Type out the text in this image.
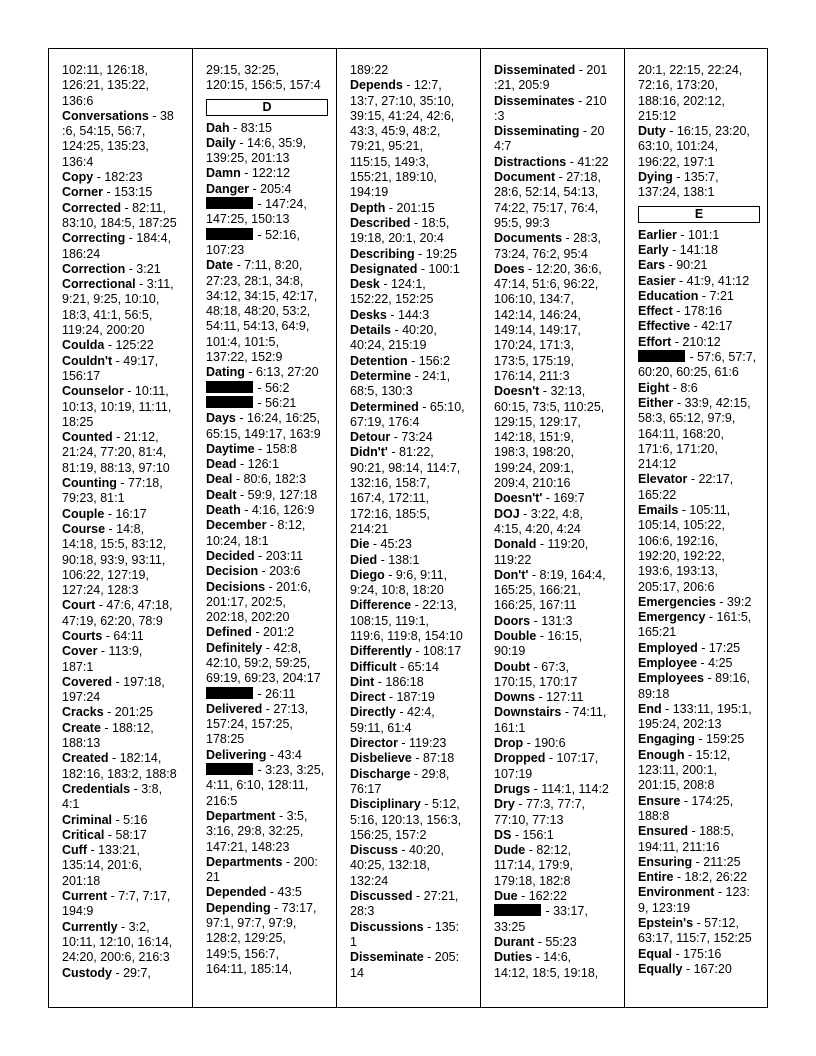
102:11, 126:18,
126:21, 135:22,
136:6
Conversations - 38
:6, 54:15, 56:7,
124:25, 135:23,
136:4
Copy - 182:23
Corner - 153:15
Corrected - 82:11,
83:10, 184:5, 187:25
Correcting - 184:4,
186:24
Correction - 3:21
Correctional - 3:11,
9:21, 9:25, 10:10,
18:3, 41:1, 56:5,
119:24, 200:20
Coulda - 125:22
Couldn't - 49:17,
156:17
Counselor - 10:11,
10:13, 10:19, 11:11,
18:25
Counted - 21:12,
21:24, 77:20, 81:4,
81:19, 88:13, 97:10
Counting - 77:18,
79:23, 81:1
Couple - 16:17
Course - 14:8,
14:18, 15:5, 83:12,
90:18, 93:9, 93:11,
106:22, 127:19,
127:24, 128:3
Court - 47:6, 47:18,
47:19, 62:20, 78:9
Courts - 64:11
Cover - 113:9,
187:1
Covered - 197:18,
197:24
Cracks - 201:25
Create - 188:12,
188:13
Created - 182:14,
182:16, 183:2, 188:8
Credentials - 3:8,
4:1
Criminal - 5:16
Critical - 58:17
Cuff - 133:21,
135:14, 201:6,
201:18
Current - 7:7, 7:17,
194:9
Currently - 3:2,
10:11, 12:10, 16:14,
24:20, 200:6, 216:3
Custody - 29:7,
29:15, 32:25,
120:15, 156:5, 157:4
D
Dah - 83:15
Daily - 14:6, 35:9,
139:25, 201:13
Damn - 122:12
Danger - 205:4
- 147:24,
147:25, 150:13
- 52:16,
107:23
Date - 7:11, 8:20,
27:23, 28:1, 34:8,
34:12, 34:15, 42:17,
48:18, 48:20, 53:2,
54:11, 54:13, 64:9,
101:4, 101:5,
137:22, 152:9
Dating - 6:13, 27:20
- 56:2
- 56:21
Days - 16:24, 16:25,
65:15, 149:17, 163:9
Daytime - 158:8
Dead - 126:1
Deal - 80:6, 182:3
Dealt - 59:9, 127:18
Death - 4:16, 126:9
December - 8:12,
10:24, 18:1
Decided - 203:11
Decision - 203:6
Decisions - 201:6,
201:17, 202:5,
202:18, 202:20
Defined - 201:2
Definitely - 42:8,
42:10, 59:2, 59:25,
69:19, 69:23, 204:17
- 26:11
Delivered - 27:13,
157:24, 157:25,
178:25
Delivering - 43:4
- 3:23, 3:25,
4:11, 6:10, 128:11,
216:5
Department - 3:5,
3:16, 29:8, 32:25,
147:21, 148:23
Departments - 200:
21
Depended - 43:5
Depending - 73:17,
97:1, 97:7, 97:9,
128:2, 129:25,
149:5, 156:7,
164:11, 185:14,
189:22
Depends - 12:7,
13:7, 27:10, 35:10,
39:15, 41:24, 42:6,
43:3, 45:9, 48:2,
79:21, 95:21,
115:15, 149:3,
155:21, 189:10,
194:19
Depth - 201:15
Described - 18:5,
19:18, 20:1, 20:4
Describing - 19:25
Designated - 100:1
Desk - 124:1,
152:22, 152:25
Desks - 144:3
Details - 40:20,
40:24, 215:19
Detention - 156:2
Determine - 24:1,
68:5, 130:3
Determined - 65:10,
67:19, 176:4
Detour - 73:24
Didn't' - 81:22,
90:21, 98:14, 114:7,
132:16, 158:7,
167:4, 172:11,
172:16, 185:5,
214:21
Die - 45:23
Died - 138:1
Diego - 9:6, 9:11,
9:24, 10:8, 18:20
Difference - 22:13,
108:15, 119:1,
119:6, 119:8, 154:10
Differently - 108:17
Difficult - 65:14
Dint - 186:18
Direct - 187:19
Directly - 42:4,
59:11, 61:4
Director - 119:23
Disbelieve - 87:18
Discharge - 29:8,
76:17
Disciplinary - 5:12,
5:16, 120:13, 156:3,
156:25, 157:2
Discuss - 40:20,
40:25, 132:18,
132:24
Discussed - 27:21,
28:3
Discussions - 135:
1
Disseminate - 205:
14
Disseminated - 201
:21, 205:9
Disseminates - 210
:3
Disseminating - 20
4:7
Distractions - 41:22
Document - 27:18,
28:6, 52:14, 54:13,
74:22, 75:17, 76:4,
95:5, 99:3
Documents - 28:3,
73:24, 76:2, 95:4
Does - 12:20, 36:6,
47:14, 51:6, 96:22,
106:10, 134:7,
142:14, 146:24,
149:14, 149:17,
170:24, 171:3,
173:5, 175:19,
176:14, 211:3
Doesn't - 32:13,
60:15, 73:5, 110:25,
129:15, 129:17,
142:18, 151:9,
198:3, 198:20,
199:24, 209:1,
209:4, 210:16
Doesn't' - 169:7
DOJ - 3:22, 4:8,
4:15, 4:20, 4:24
Donald - 119:20,
119:22
Don't' - 8:19, 164:4,
165:25, 166:21,
166:25, 167:11
Doors - 131:3
Double - 16:15,
90:19
Doubt - 67:3,
170:15, 170:17
Downs - 127:11
Downstairs - 74:11,
161:1
Drop - 190:6
Dropped - 107:17,
107:19
Drugs - 114:1, 114:2
Dry - 77:3, 77:7,
77:10, 77:13
DS - 156:1
Dude - 82:12,
117:14, 179:9,
179:18, 182:8
Due - 162:22
- 33:17,
33:25
Durant - 55:23
Duties - 14:6,
14:12, 18:5, 19:18,
20:1, 22:15, 22:24,
72:16, 173:20,
188:16, 202:12,
215:12
Duty - 16:15, 23:20,
63:10, 101:24,
196:22, 197:1
Dying - 135:7,
137:24, 138:1
E
Earlier - 101:1
Early - 141:18
Ears - 90:21
Easier - 41:9, 41:12
Education - 7:21
Effect - 178:16
Effective - 42:17
Effort - 210:12
- 57:6, 57:7,
60:20, 60:25, 61:6
Eight - 8:6
Either - 33:9, 42:15,
58:3, 65:12, 97:9,
164:11, 168:20,
171:6, 171:20,
214:12
Elevator - 22:17,
165:22
Emails - 105:11,
105:14, 105:22,
106:6, 192:16,
192:20, 192:22,
193:6, 193:13,
205:17, 206:6
Emergencies - 39:2
Emergency - 161:5,
165:21
Employed - 17:25
Employee - 4:25
Employees - 89:16,
89:18
End - 133:11, 195:1,
195:24, 202:13
Engaging - 159:25
Enough - 15:12,
123:11, 200:1,
201:15, 208:8
Ensure - 174:25,
188:8
Ensured - 188:5,
194:11, 211:16
Ensuring - 211:25
Entire - 18:2, 26:22
Environment - 123:
9, 123:19
Epstein's - 57:12,
63:17, 115:7, 152:25
Equal - 175:16
Equally - 167:20
